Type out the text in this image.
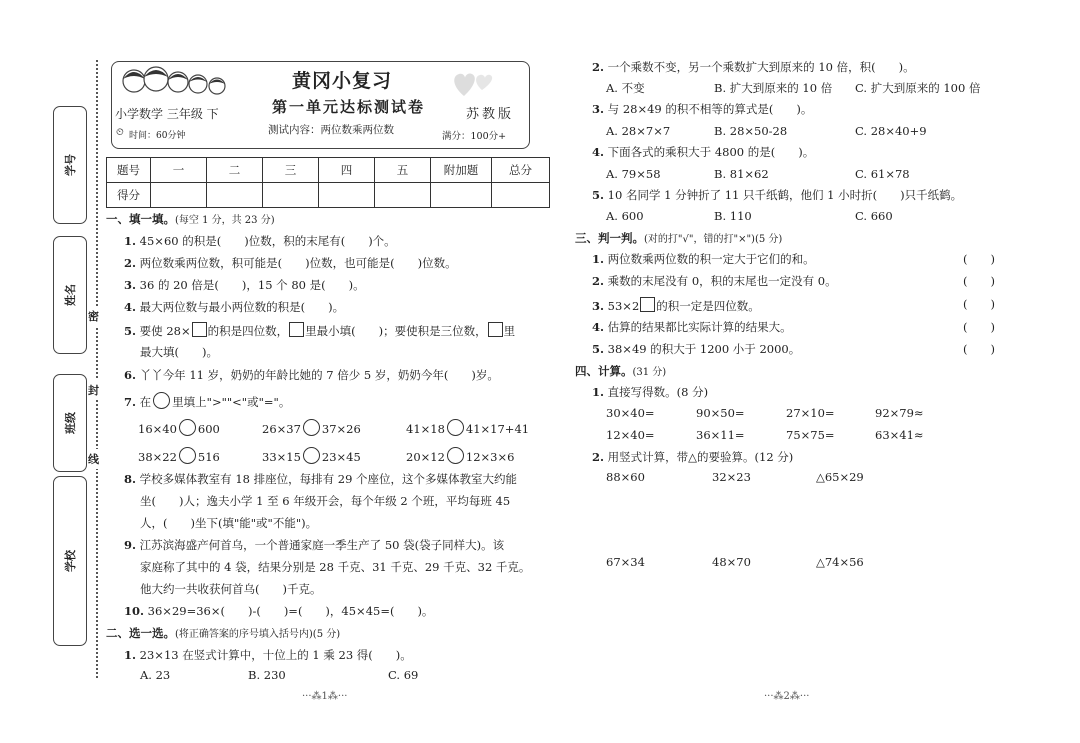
学号
姓名
班级
学校
密
封
线
黄冈小复习
小学数学 三年级 下	第一单元达标测试卷	苏教版
⏲ 时间：60分钟	测试内容：两位数乘两位数
满分：100分+
题号	一	二	三	四	五	附加题	总分
得分							
一、填一填。(每空 1 分，共 23 分)
1. 45×60 的积是(　　)位数，积的末尾有(　　)个。
2. 两位数乘两位数，积可能是(　　)位数，也可能是(　　)位数。
3. 36 的 20 倍是(　　)，15 个 80 是(　　)。
4. 最大两位数与最小两位数的积是(　　)。
5. 要使 28× 的积是四位数， 里最小填(　　)；要使积是三位数， 里
最大填(　　)。
6. 丫丫今年 11 岁，奶奶的年龄比她的 7 倍少 5 岁，奶奶今年(　　)岁。
7. 在 里填上">""<"或"="。
16×40 600	26×37 37×26	41×18 41×17+41
38×22 516	33×15 23×45	20×12 12×3×6
8. 学校多媒体教室有 18 排座位，每排有 29 个座位，这个多媒体教室大约能
坐(　　)人；逸夫小学 1 至 6 年级开会，每个年级 2 个班，平均每班 45
人，(　　)坐下(填"能"或"不能")。
9. 江苏滨海盛产何首乌，一个普通家庭一季生产了 50 袋(袋子同样大)。该
家庭称了其中的 4 袋，结果分别是 28 千克、31 千克、29 千克、32 千克。
他大约一共收获何首乌(　　)千克。
10. 36×29=36×(　　)-(　　)=(　　)，45×45=(　　)。
二、选一选。(将正确答案的序号填入括号内)(5 分)
1. 23×13 在竖式计算中，十位上的 1 乘 23 得(　　)。
A. 23	B. 230	C. 69
···⁂1⁂···
2. 一个乘数不变，另一个乘数扩大到原来的 10 倍，积(　　)。
A. 不变	B. 扩大到原来的 10 倍 C. 扩大到原来的 100 倍
3. 与 28×49 的积不相等的算式是(　　)。
A. 28×7×7	B. 28×50-28	C. 28×40+9
4. 下面各式的乘积大于 4800 的是(　　)。
A. 79×58	B. 81×62	C. 61×78
5. 10 名同学 1 分钟折了 11 只千纸鹤，他们 1 小时折(　　)只千纸鹤。
A. 600	B. 110	C. 660
三、判一判。(对的打"√"，错的打"×")(5 分)
1. 两位数乘两位数的积一定大于它们的和。	(　　)
2. 乘数的末尾没有 0，积的末尾也一定没有 0。	(　　)
3. 53×2 的积一定是四位数。	(　　)
4. 估算的结果都比实际计算的结果大。	(　　)
5. 38×49 的积大于 1200 小于 2000。	(　　)
四、计算。(31 分)
1. 直接写得数。(8 分)
30×40=	90×50=	27×10=	92×79≈
12×40=	36×11=	75×75=	63×41≈
2. 用竖式计算，带△的要验算。(12 分)
88×60	32×23	△65×29
67×34	48×70	△74×56
···⁂2⁂···
